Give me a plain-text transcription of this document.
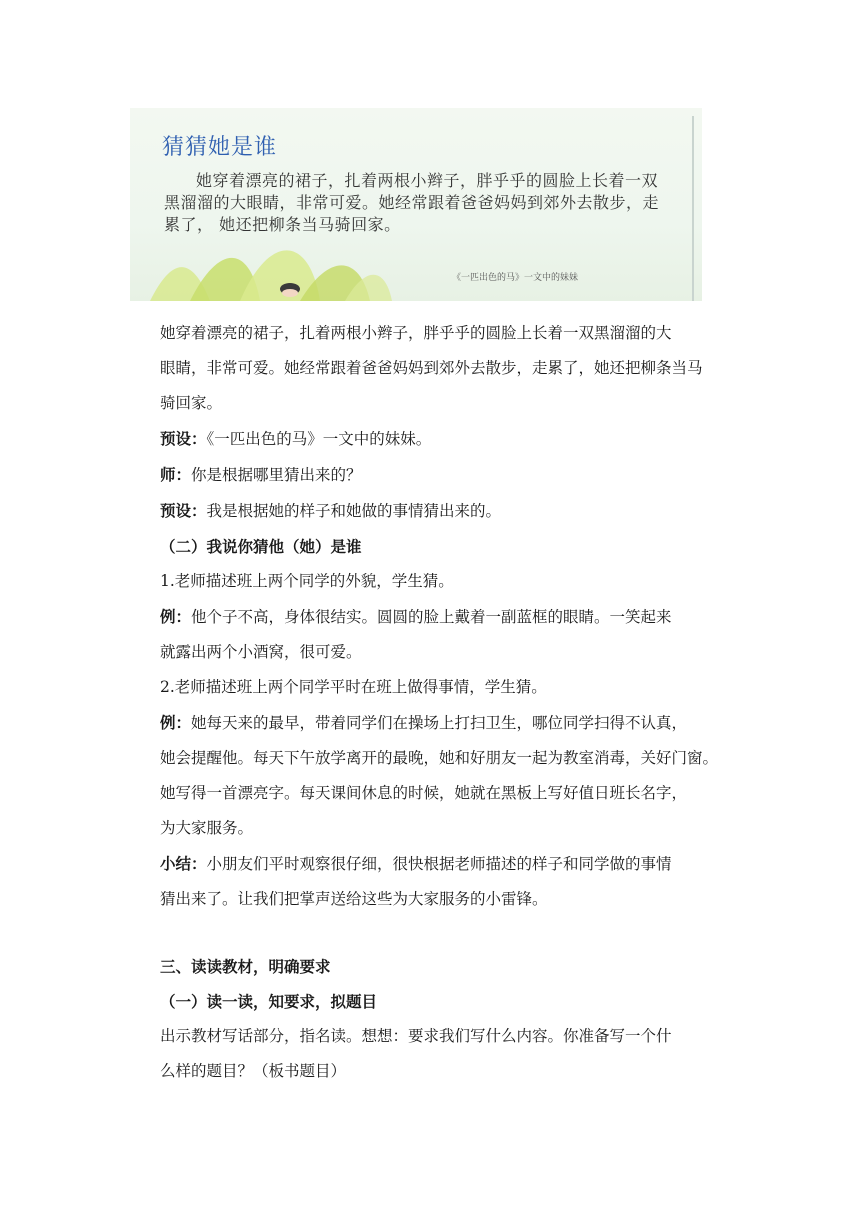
猜猜她是谁
她穿着漂亮的裙子，扎着两根小辫子，胖乎乎的圆脸上长着一双黑溜溜的大眼睛，非常可爱。她经常跟着爸爸妈妈到郊外去散步，走累了， 她还把柳条当马骑回家。
《一匹出色的马》一文中的妹妹

她穿着漂亮的裙子，扎着两根小辫子，胖乎乎的圆脸上长着一双黑溜溜的大

眼睛，非常可爱。她经常跟着爸爸妈妈到郊外去散步，走累了，她还把柳条当马

骑回家。

预设：《一匹出色的马》一文中的妹妹。

师：你是根据哪里猜出来的？

预设：我是根据她的样子和她做的事情猜出来的。

（二）我说你猜他（她）是谁

1.老师描述班上两个同学的外貌，学生猜。

例：他个子不高，身体很结实。圆圆的脸上戴着一副蓝框的眼睛。一笑起来

就露出两个小酒窝，很可爱。

2.老师描述班上两个同学平时在班上做得事情，学生猜。

例：她每天来的最早，带着同学们在操场上打扫卫生，哪位同学扫得不认真，

她会提醒他。每天下午放学离开的最晚，她和好朋友一起为教室消毒，关好门窗。

她写得一首漂亮字。每天课间休息的时候，她就在黑板上写好值日班长名字，

为大家服务。

小结：小朋友们平时观察很仔细，很快根据老师描述的样子和同学做的事情

猜出来了。让我们把掌声送给这些为大家服务的小雷锋。

三、读读教材，明确要求

（一）读一读，知要求，拟题目

出示教材写话部分，指名读。想想：要求我们写什么内容。你准备写一个什

么样的题目？（板书题目）
